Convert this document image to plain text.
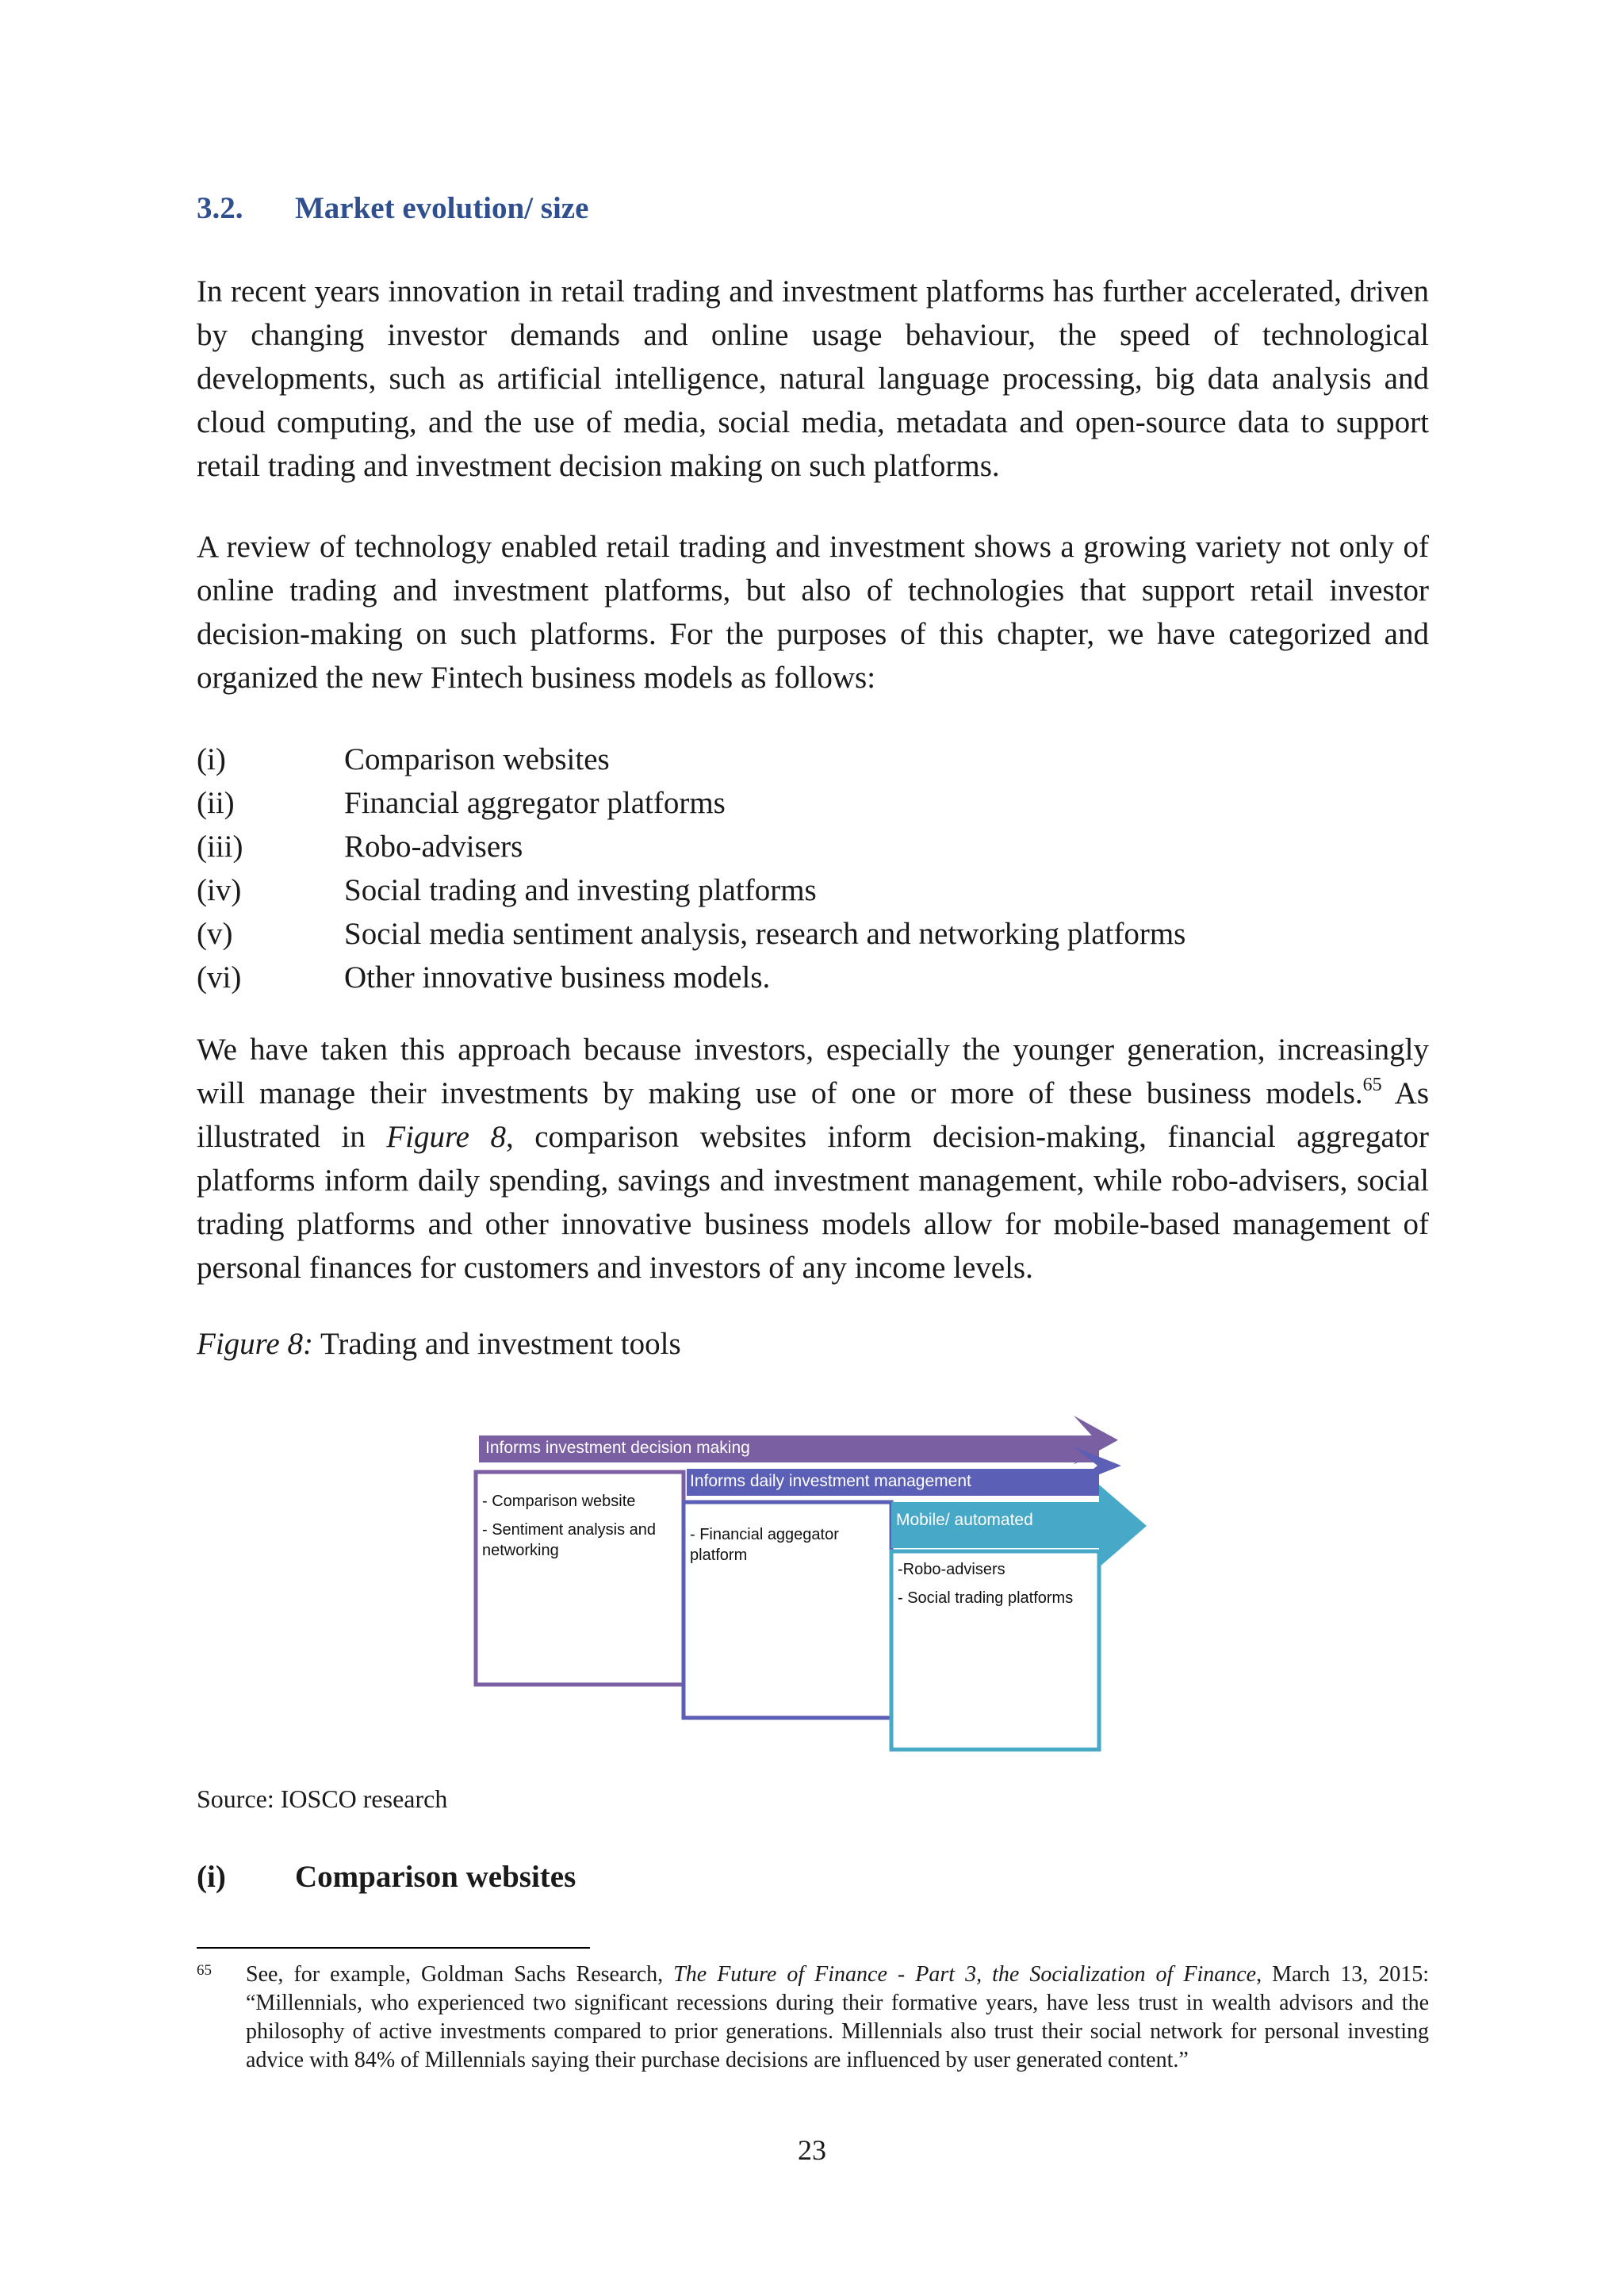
3.2. Market evolution/ size

In recent years innovation in retail trading and investment platforms has further accelerated, driven by changing investor demands and online usage behaviour, the speed of technological developments, such as artificial intelligence, natural language processing, big data analysis and cloud computing, and the use of media, social media, metadata and open-source data to support retail trading and investment decision making on such platforms.

A review of technology enabled retail trading and investment shows a growing variety not only of online trading and investment platforms, but also of technologies that support retail investor decision-making on such platforms. For the purposes of this chapter, we have categorized and organized the new Fintech business models as follows:

(i)	Comparison websites
(ii)	Financial aggregator platforms
(iii)	Robo-advisers
(iv)	Social trading and investing platforms
(v)	Social media sentiment analysis, research and networking platforms
(vi)	Other innovative business models.

We have taken this approach because investors, especially the younger generation, increasingly will manage their investments by making use of one or more of these business models.$^{65}$ As illustrated in Figure 8, comparison websites inform decision-making, financial aggregator platforms inform daily spending, savings and investment management, while robo-advisers, social trading platforms and other innovative business models allow for mobile-based management of personal finances for customers and investors of any income levels.

Figure 8: Trading and investment tools
Informs investment decision making
Informs daily investment management
Mobile/ automated
- Comparison website
- Sentiment analysis and networking
- Financial aggegator platform
-Robo-advisers
- Social trading platforms
Source: IOSCO research
(i) Comparison websites
65	See, for example, Goldman Sachs Research, The Future of Finance - Part 3, the Socialization of Finance, March 13, 2015: “Millennials, who experienced two significant recessions during their formative years, have less trust in wealth advisors and the philosophy of active investments compared to prior generations. Millennials also trust their social network for personal investing advice with 84% of Millennials saying their purchase decisions are influenced by user generated content.”
23
